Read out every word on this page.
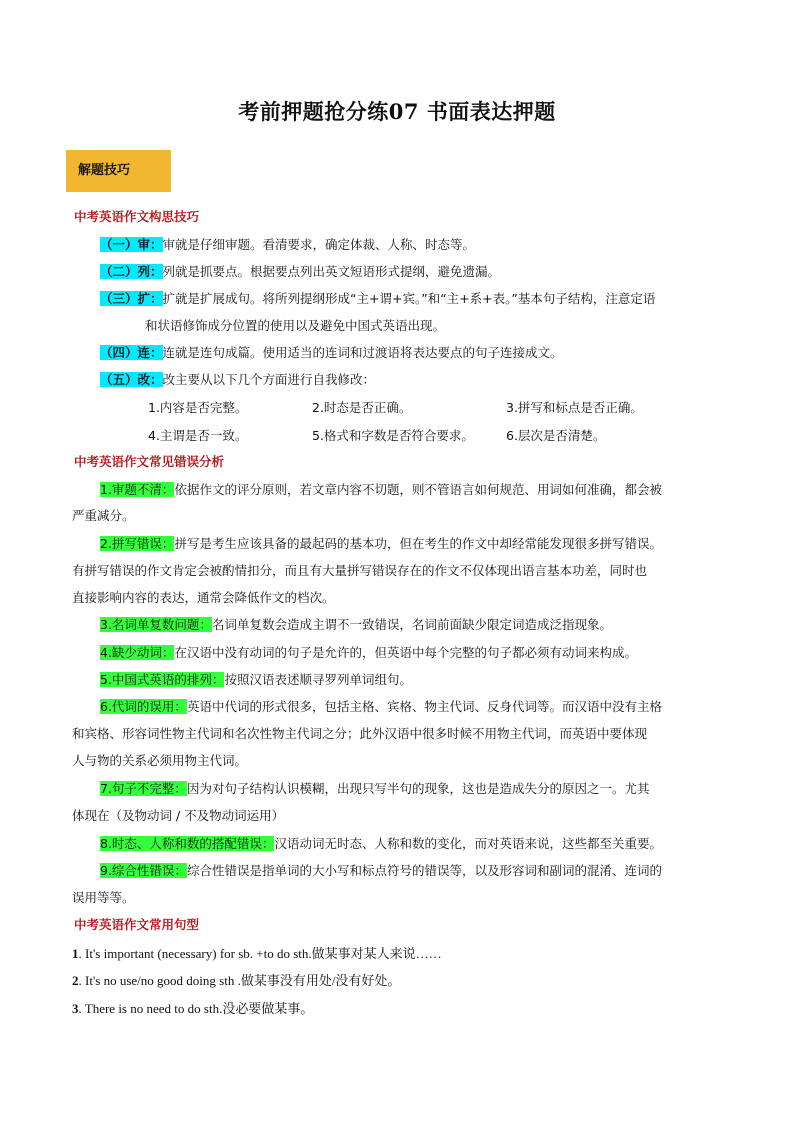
考前押题抢分练07 书面表达押题
解题技巧
中考英语作文构思技巧
（一）审：审就是仔细审题。看清要求，确定体裁、人称、时态等。
（二）列：列就是抓要点。根据要点列出英文短语形式提纲，避免遗漏。
（三）扩：扩就是扩展成句。将所列提纲形成“主+谓+宾。”和“主+系+表。”基本句子结构，注意定语
和状语修饰成分位置的使用以及避免中国式英语出现。
（四）连：连就是连句成篇。使用适当的连词和过渡语将表达要点的句子连接成文。
（五）改：改主要从以下几个方面进行自我修改：
1.内容是否完整。	2.时态是否正确。	3.拼写和标点是否正确。
4.主谓是否一致。	5.格式和字数是否符合要求。	6.层次是否清楚。
中考英语作文常见错误分析
1.审题不清：依据作文的评分原则，若文章内容不切题，则不管语言如何规范、用词如何准确，都会被
严重减分。
2.拼写错误：拼写是考生应该具备的最起码的基本功，但在考生的作文中却经常能发现很多拼写错误。
有拼写错误的作文肯定会被酌情扣分，而且有大量拼写错误存在的作文不仅体现出语言基本功差，同时也
直接影响内容的表达，通常会降低作文的档次。
3.名词单复数问题：名词单复数会造成主谓不一致错误，名词前面缺少限定词造成泛指现象。
4.缺少动词：在汉语中没有动词的句子是允许的，但英语中每个完整的句子都必须有动词来构成。
5.中国式英语的排列：按照汉语表述顺寻罗列单词组句。
6.代词的误用：英语中代词的形式很多，包括主格、宾格、物主代词、反身代词等。而汉语中没有主格
和宾格、形容词性物主代词和名次性物主代词之分；此外汉语中很多时候不用物主代词，而英语中要体现
人与物的关系必须用物主代词。
7.句子不完整：因为对句子结构认识模糊，出现只写半句的现象，这也是造成失分的原因之一。尤其
体现在（及物动词 / 不及物动词运用）
8.时态、人称和数的搭配错误：汉语动词无时态、人称和数的变化，而对英语来说，这些都至关重要。
9.综合性错误：综合性错误是指单词的大小写和标点符号的错误等，以及形容词和副词的混淆、连词的
误用等等。
中考英语作文常用句型
1. It's important (necessary) for sb. +to do sth.做某事对某人来说……
2. It's no use/no good doing sth .做某事没有用处/没有好处。
3. There is no need to do sth.没必要做某事。
